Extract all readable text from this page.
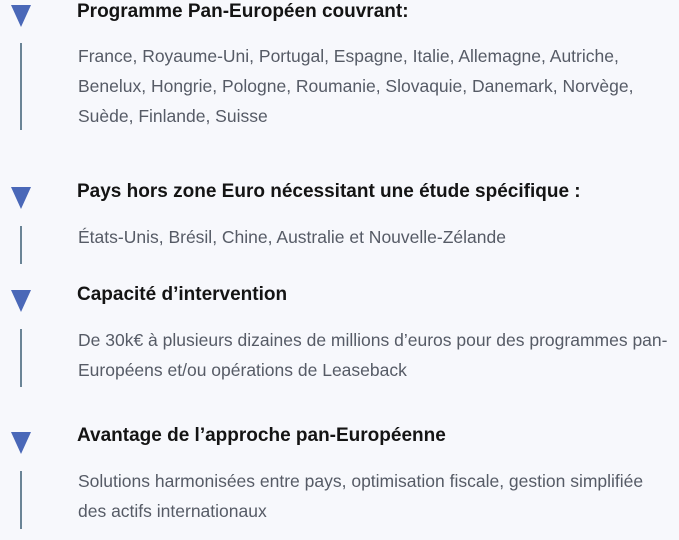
Programme Pan-Européen couvrant:

France, Royaume-Uni, Portugal, Espagne, Italie, Allemagne, Autriche, Benelux, Hongrie, Pologne, Roumanie, Slovaquie, Danemark, Norvège, Suède, Finlande, Suisse

Pays hors zone Euro nécessitant une étude spécifique :

États-Unis, Brésil, Chine, Australie et Nouvelle-Zélande

Capacité d’intervention

De 30k€ à plusieurs dizaines de millions d’euros pour des programmes pan-Européens et/ou opérations de Leaseback

Avantage de l’approche pan-Européenne

Solutions harmonisées entre pays, optimisation fiscale, gestion simplifiée des actifs internationaux
